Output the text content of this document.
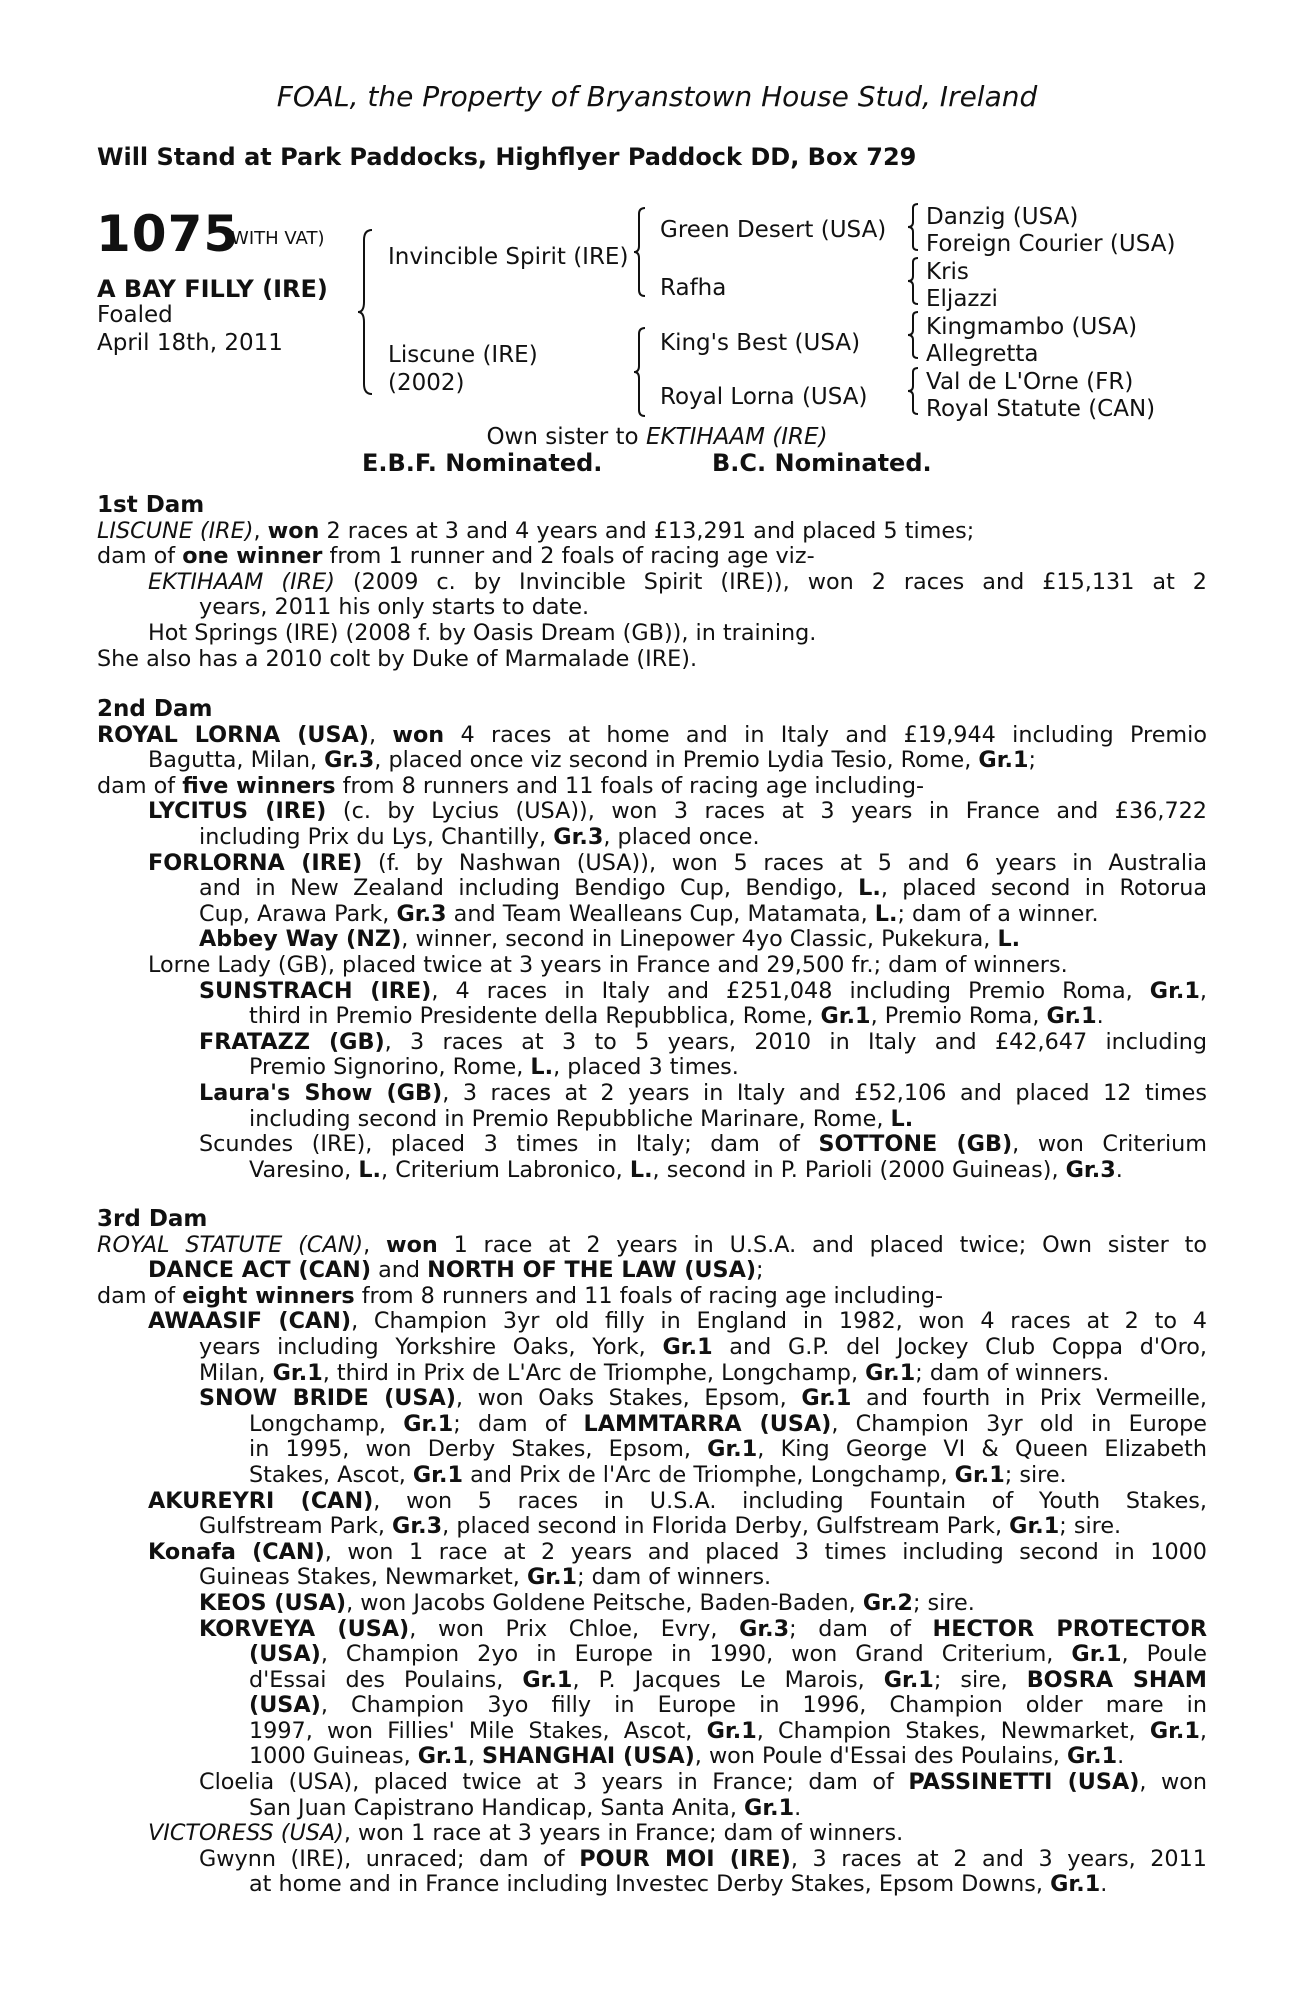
FOAL, the Property of Bryanstown House Stud, Ireland
Will Stand at Park Paddocks, Highflyer Paddock DD, Box 729
1075
(WITH VAT)
A BAY FILLY (IRE)
Foaled
April 18th, 2011
Invincible Spirit (IRE)
Liscune (IRE)
(2002)
Green Desert (USA)
Rafha
King's Best (USA)
Royal Lorna (USA)
Danzig (USA)
Foreign Courier (USA)
Kris
Eljazzi
Kingmambo (USA)
Allegretta
Val de L'Orne (FR)
Royal Statute (CAN)
Own sister to EKTIHAAM (IRE)
E.B.F. Nominated.	B.C. Nominated.
1st Dam
LISCUNE (IRE), won 2 races at 3 and 4 years and £13,291 and placed 5 times;
dam of one winner from 1 runner and 2 foals of racing age viz-
EKTIHAAM (IRE) (2009 c. by Invincible Spirit (IRE)), won 2 races and £15,131 at 2
years, 2011 his only starts to date.
Hot Springs (IRE) (2008 f. by Oasis Dream (GB)), in training.
She also has a 2010 colt by Duke of Marmalade (IRE).
2nd Dam
ROYAL LORNA (USA), won 4 races at home and in Italy and £19,944 including Premio
Bagutta, Milan, Gr.3, placed once viz second in Premio Lydia Tesio, Rome, Gr.1;
dam of five winners from 8 runners and 11 foals of racing age including-
LYCITUS (IRE) (c. by Lycius (USA)), won 3 races at 3 years in France and £36,722
including Prix du Lys, Chantilly, Gr.3, placed once.
FORLORNA (IRE) (f. by Nashwan (USA)), won 5 races at 5 and 6 years in Australia
and in New Zealand including Bendigo Cup, Bendigo, L., placed second in Rotorua
Cup, Arawa Park, Gr.3 and Team Wealleans Cup, Matamata, L.; dam of a winner.
Abbey Way (NZ), winner, second in Linepower 4yo Classic, Pukekura, L.
Lorne Lady (GB), placed twice at 3 years in France and 29,500 fr.; dam of winners.
SUNSTRACH (IRE), 4 races in Italy and £251,048 including Premio Roma, Gr.1,
third in Premio Presidente della Repubblica, Rome, Gr.1, Premio Roma, Gr.1.
FRATAZZ (GB), 3 races at 3 to 5 years, 2010 in Italy and £42,647 including
Premio Signorino, Rome, L., placed 3 times.
Laura's Show (GB), 3 races at 2 years in Italy and £52,106 and placed 12 times
including second in Premio Repubbliche Marinare, Rome, L.
Scundes (IRE), placed 3 times in Italy; dam of SOTTONE (GB), won Criterium
Varesino, L., Criterium Labronico, L., second in P. Parioli (2000 Guineas), Gr.3.
3rd Dam
ROYAL STATUTE (CAN), won 1 race at 2 years in U.S.A. and placed twice; Own sister to
DANCE ACT (CAN) and NORTH OF THE LAW (USA);
dam of eight winners from 8 runners and 11 foals of racing age including-
AWAASIF (CAN), Champion 3yr old filly in England in 1982, won 4 races at 2 to 4
years including Yorkshire Oaks, York, Gr.1 and G.P. del Jockey Club Coppa d'Oro,
Milan, Gr.1, third in Prix de L'Arc de Triomphe, Longchamp, Gr.1; dam of winners.
SNOW BRIDE (USA), won Oaks Stakes, Epsom, Gr.1 and fourth in Prix Vermeille,
Longchamp, Gr.1; dam of LAMMTARRA (USA), Champion 3yr old in Europe
in 1995, won Derby Stakes, Epsom, Gr.1, King George VI & Queen Elizabeth
Stakes, Ascot, Gr.1 and Prix de l'Arc de Triomphe, Longchamp, Gr.1; sire.
AKUREYRI (CAN), won 5 races in U.S.A. including Fountain of Youth Stakes,
Gulfstream Park, Gr.3, placed second in Florida Derby, Gulfstream Park, Gr.1; sire.
Konafa (CAN), won 1 race at 2 years and placed 3 times including second in 1000
Guineas Stakes, Newmarket, Gr.1; dam of winners.
KEOS (USA), won Jacobs Goldene Peitsche, Baden-Baden, Gr.2; sire.
KORVEYA (USA), won Prix Chloe, Evry, Gr.3; dam of HECTOR PROTECTOR
(USA), Champion 2yo in Europe in 1990, won Grand Criterium, Gr.1, Poule
d'Essai des Poulains, Gr.1, P. Jacques Le Marois, Gr.1; sire, BOSRA SHAM
(USA), Champion 3yo filly in Europe in 1996, Champion older mare in
1997, won Fillies' Mile Stakes, Ascot, Gr.1, Champion Stakes, Newmarket, Gr.1,
1000 Guineas, Gr.1, SHANGHAI (USA), won Poule d'Essai des Poulains, Gr.1.
Cloelia (USA), placed twice at 3 years in France; dam of PASSINETTI (USA), won
San Juan Capistrano Handicap, Santa Anita, Gr.1.
VICTORESS (USA), won 1 race at 3 years in France; dam of winners.
Gwynn (IRE), unraced; dam of POUR MOI (IRE), 3 races at 2 and 3 years, 2011
at home and in France including Investec Derby Stakes, Epsom Downs, Gr.1.
